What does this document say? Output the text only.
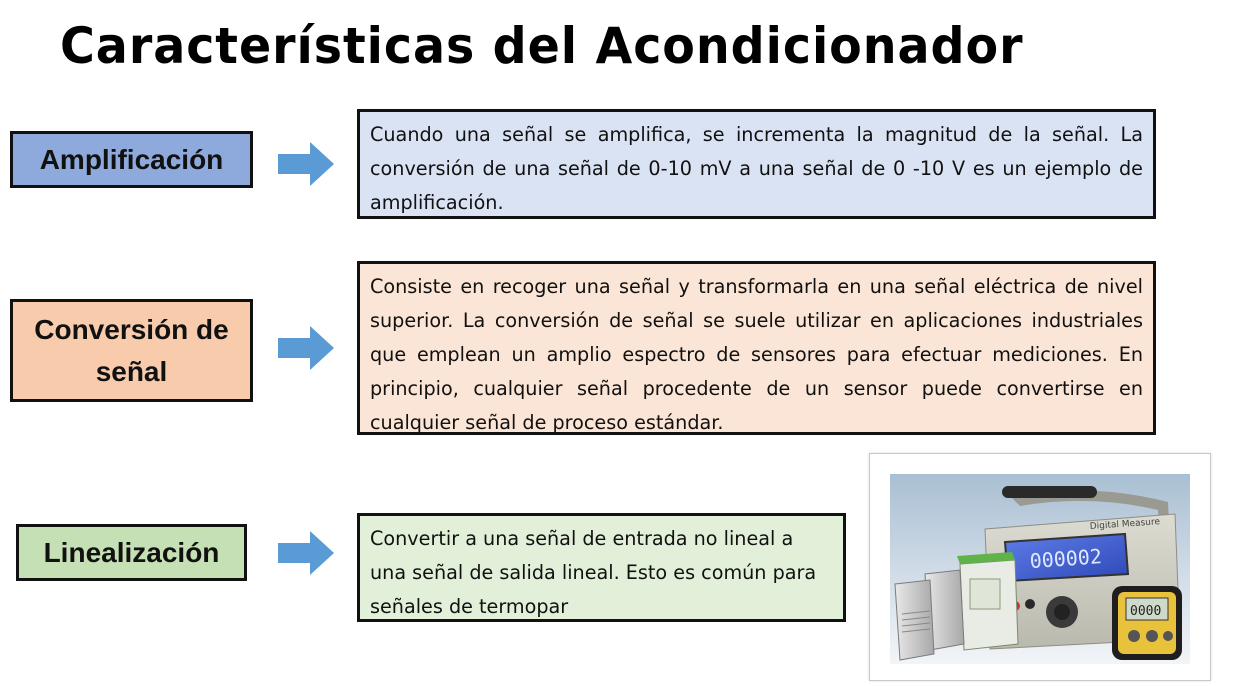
Características del Acondicionador
Amplificación
Cuando una señal se amplifica, se incrementa la magnitud de la señal. La conversión de una señal de 0-10 mV a una señal de 0 -10 V es un ejemplo de amplificación.
Conversión de señal
Consiste en recoger una señal y transformarla en una señal eléctrica de nivel superior. La conversión de señal se suele utilizar en aplicaciones industriales que emplean un amplio espectro de sensores para efectuar mediciones. En principio, cualquier señal procedente de un sensor puede convertirse en cualquier señal de proceso estándar.
Linealización	Convertir a una señal de entrada no lineal a una señal de salida lineal. Esto es común para señales de termopar
Digital Measure
000002
0000
